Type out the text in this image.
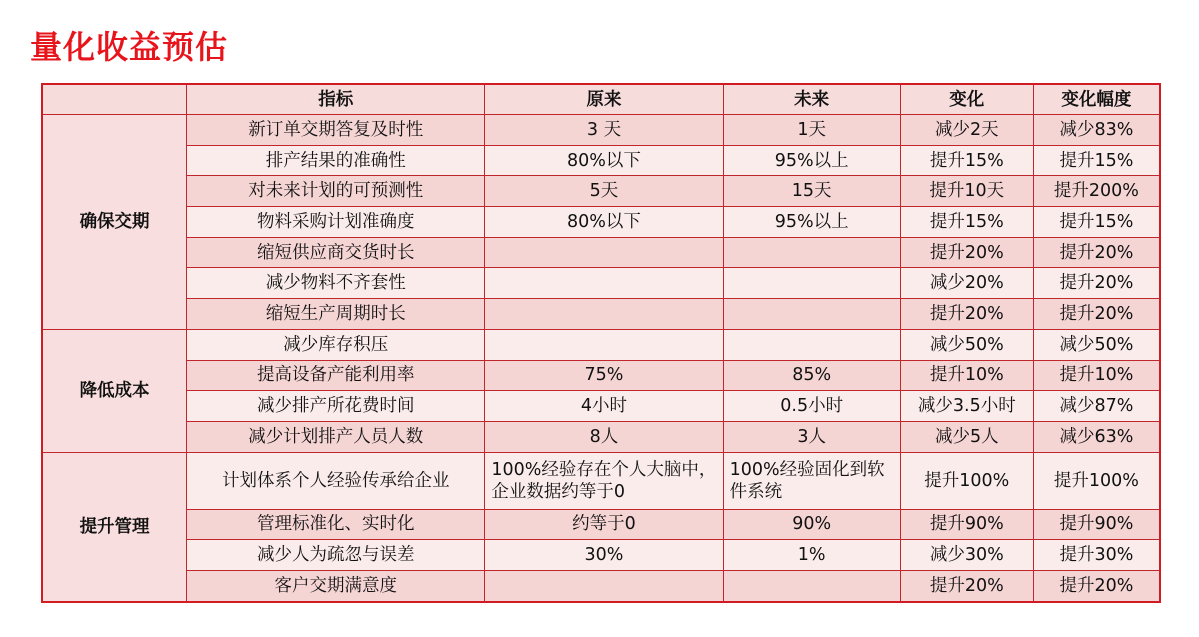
量化收益预估
	指标	原来	未来	变化	变化幅度
确保交期	新订单交期答复及时性	3 天	1天	减少2天	减少83%
	排产结果的准确性	80%以下	95%以上	提升15%	提升15%
	对未来计划的可预测性	5天	15天	提升10天	提升200%
	物料采购计划准确度	80%以下	95%以上	提升15%	提升15%
	缩短供应商交货时长			提升20%	提升20%
	减少物料不齐套性			减少20%	提升20%
	缩短生产周期时长			提升20%	提升20%
降低成本	减少库存积压			减少50%	减少50%
	提高设备产能利用率	75%	85%	提升10%	提升10%
	减少排产所花费时间	4小时	0.5小时	减少3.5小时	减少87%
	减少计划排产人员人数	8人	3人	减少5人	减少63%
提升管理	计划体系个人经验传承给企业	100%经验存在个人大脑中，企业数据约等于0	100%经验固化到软件系统	提升100%	提升100%
	管理标准化、实时化	约等于0	90%	提升90%	提升90%
	减少人为疏忽与误差	30%	1%	减少30%	提升30%
	客户交期满意度			提升20%	提升20%
